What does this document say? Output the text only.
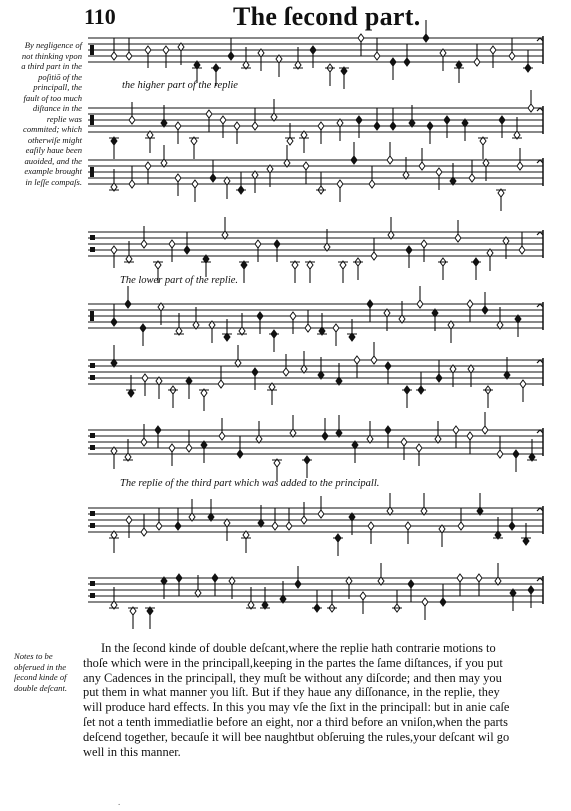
110	The ſecond part.
By negligence of not thinking vpon a third part in the poſitiō of the principall, the fault of too much diſtance in the replie was commited; which otherwiſe might eaſily haue been auoided, and the example brought in leſſe compaſs.
the higher part of the replie
The lower part of the replie.
The replie of the third part which was added to the principall.
Notes to be obſerued in the ſecond kinde of double deſcant.
In the ſecond kinde of double deſcant,where the replie hath contrarie motions to
thoſe which were in the principall,keeping in the partes the ſame diſtances, if you put
any Cadences in the principall, they muſt be without any diſcorde; and then may you
put them in what manner you liſt. But if they haue any diſſonance, in the replie, they
will produce hard effects. In this you may vſe the ſixt in the principall: but in anie caſe
ſet not a tenth immediatlie before an eight, nor a third before an vniſon,when the parts
deſcend together, becauſe it will bee naughtbut obſeruing the rules,your deſcant wil go
well in this manner.
.
